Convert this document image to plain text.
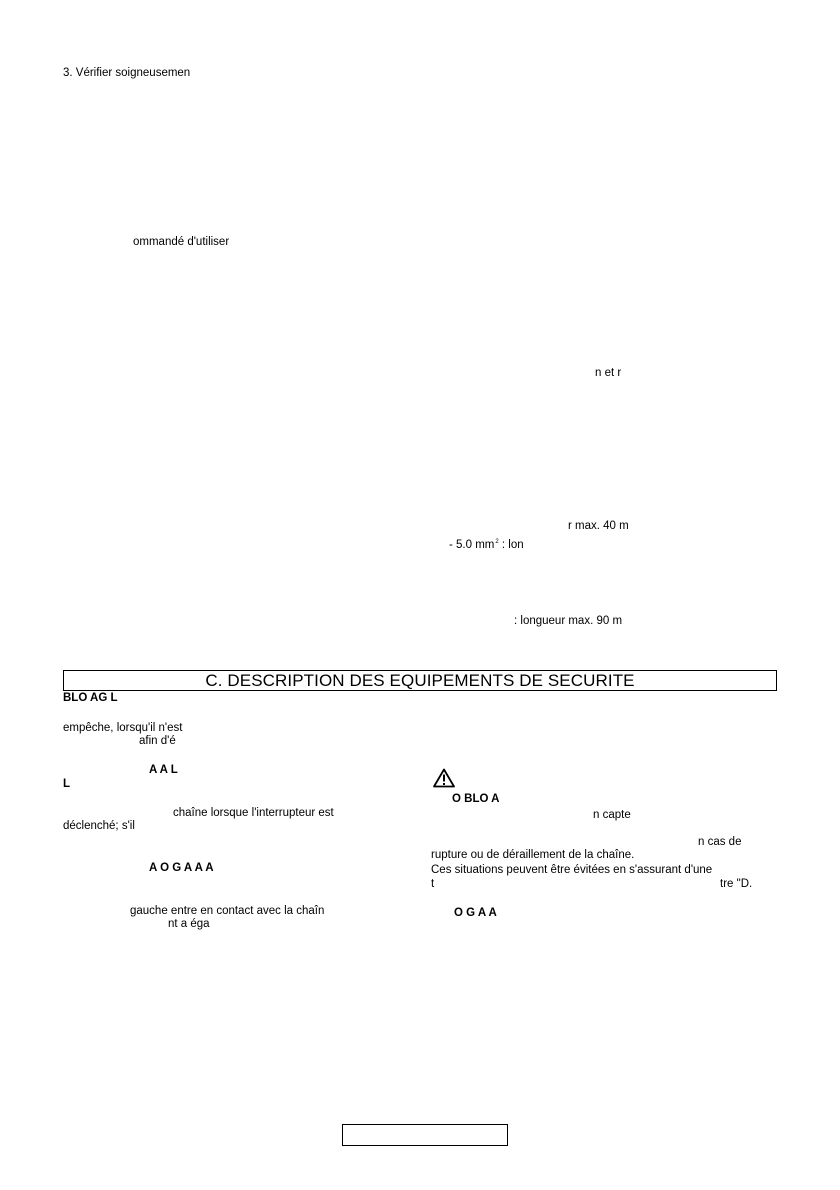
3. Vérifier soigneusemen
ommandé d'utiliser
n et r
r max. 40 m
- 5.0 $mm^2$ : lon
: longueur max. 90 m
C. DESCRIPTION DES EQUIPEMENTS DE SECURITE
BLO AG L
empêche, lorsqu'il n'est
afin d'é
A A L
L
chaîne lorsque l'interrupteur est
déclenché; s'il
A O G A A A
gauche entre en contact avec la chaîn
nt a éga
O BLO A
n capte
n cas de
rupture ou de déraillement de la chaîne.
Ces situations peuvent être évitées en s'assurant d'une
t	tre "D.
O G A A
